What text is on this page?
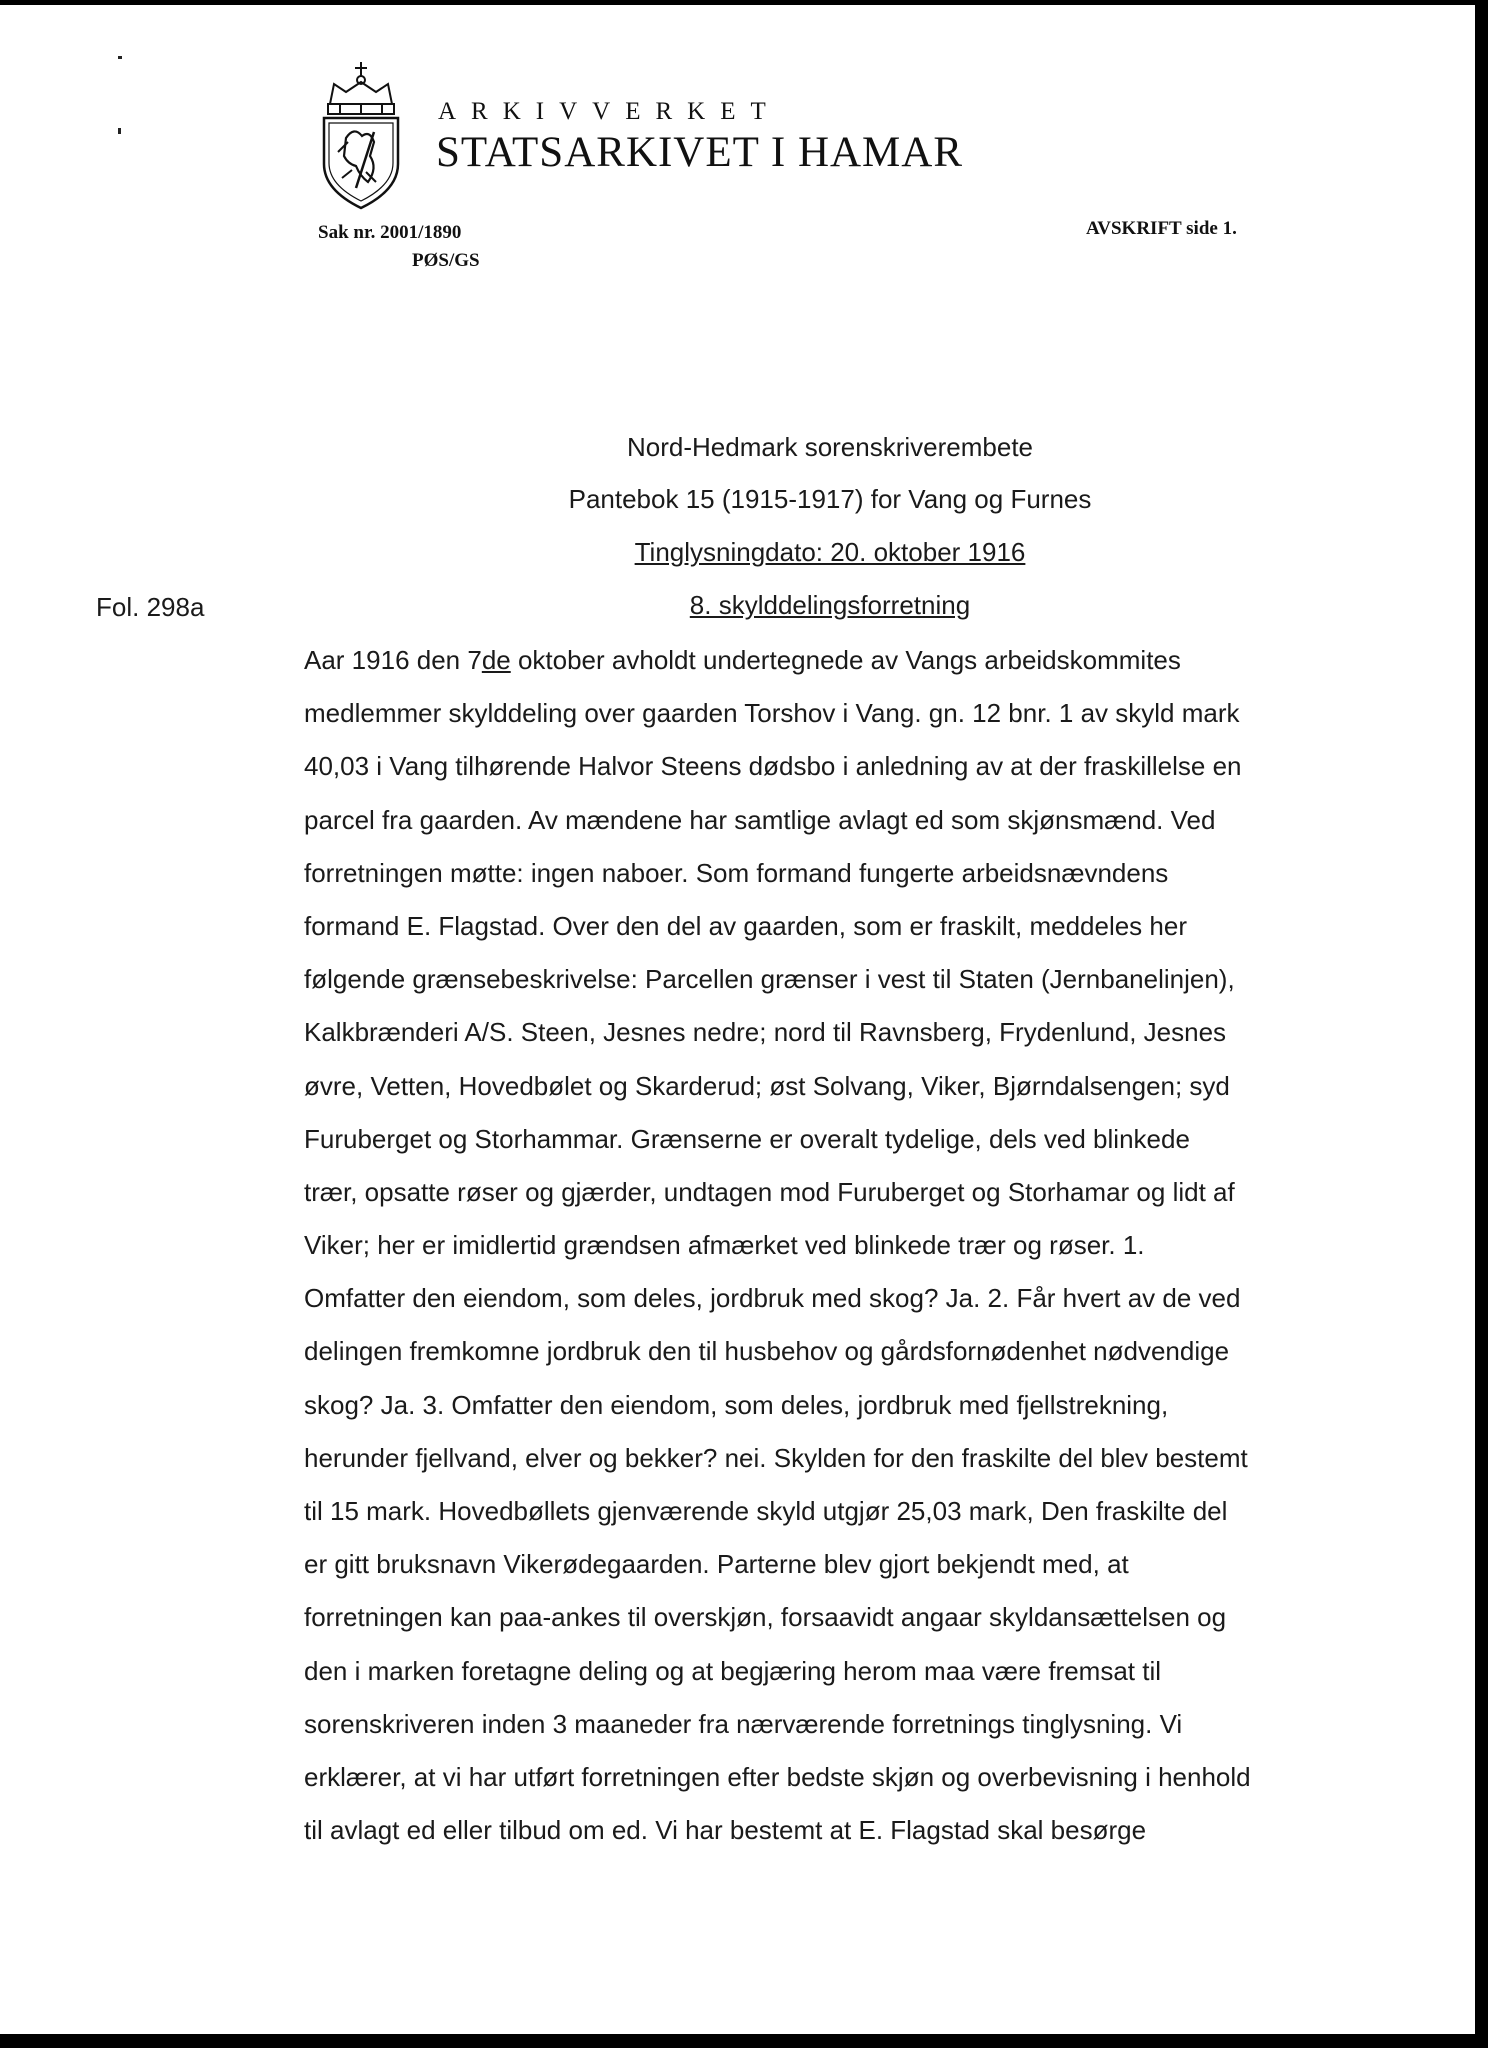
ARKIVVERKET
STATSARKIVET I HAMAR
Sak nr. 2001/1890
PØS/GS
AVSKRIFT side 1.
Nord-Hedmark sorenskriverembete
Pantebok 15 (1915-1917) for Vang og Furnes
Tinglysningdato: 20. oktober 1916
8. skylddelingsforretning
Fol. 298a
Aar 1916 den 7de oktober avholdt undertegnede av Vangs arbeidskommites
medlemmer skylddeling over gaarden Torshov i Vang. gn. 12 bnr. 1 av skyld mark
40,03 i Vang tilhørende Halvor Steens dødsbo i anledning av at der fraskillelse en
parcel fra gaarden. Av mændene har samtlige avlagt ed som skjønsmænd. Ved
forretningen møtte: ingen naboer. Som formand fungerte arbeidsnævndens
formand E. Flagstad. Over den del av gaarden, som er fraskilt, meddeles her
følgende grænsebeskrivelse: Parcellen grænser i vest til Staten (Jernbanelinjen),
Kalkbrænderi A/S. Steen, Jesnes nedre; nord til Ravnsberg, Frydenlund, Jesnes
øvre, Vetten, Hovedbølet og Skarderud; øst Solvang, Viker, Bjørndalsengen; syd
Furuberget og Storhammar. Grænserne er overalt tydelige, dels ved blinkede
trær, opsatte røser og gjærder, undtagen mod Furuberget og Storhamar og lidt af
Viker; her er imidlertid grændsen afmærket ved blinkede trær og røser. 1.
Omfatter den eiendom, som deles, jordbruk med skog? Ja. 2. Får hvert av de ved
delingen fremkomne jordbruk den til husbehov og gårdsfornødenhet nødvendige
skog? Ja. 3. Omfatter den eiendom, som deles, jordbruk med fjellstrekning,
herunder fjellvand, elver og bekker? nei. Skylden for den fraskilte del blev bestemt
til 15 mark. Hovedbøllets gjenværende skyld utgjør 25,03 mark, Den fraskilte del
er gitt bruksnavn Vikerødegaarden. Parterne blev gjort bekjendt med, at
forretningen kan paa-ankes til overskjøn, forsaavidt angaar skyldansættelsen og
den i marken foretagne deling og at begjæring herom maa være fremsat til
sorenskriveren inden 3 maaneder fra nærværende forretnings tinglysning. Vi
erklærer, at vi har utført forretningen efter bedste skjøn og overbevisning i henhold
til avlagt ed eller tilbud om ed. Vi har bestemt at E. Flagstad skal besørge
